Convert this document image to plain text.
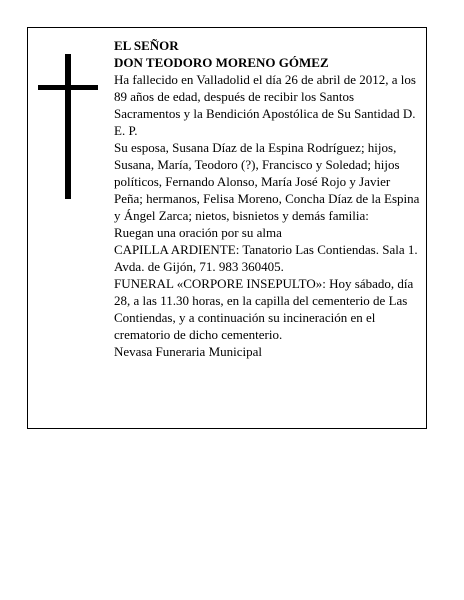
EL SEÑOR

DON TEODORO MORENO GÓMEZ

Ha fallecido en Valladolid el día 26 de abril de 2012, a los 89 años de edad, después de recibir los Santos Sacramentos y la Bendición Apostólica de Su Santidad D. E. P.

Su esposa, Susana Díaz de la Espina Rodríguez; hijos, Susana, María, Teodoro (?), Francisco y Soledad; hijos políticos, Fernando Alonso, María José Rojo y Javier Peña; hermanos, Felisa Moreno, Concha Díaz de la Espina y Ángel Zarca; nietos, bisnietos y demás familia:

Ruegan una oración por su alma

CAPILLA ARDIENTE: Tanatorio Las Contiendas. Sala 1. Avda. de Gijón, 71. 983 360405.

FUNERAL «CORPORE INSEPULTO»: Hoy sábado, día 28, a las 11.30 horas, en la capilla del cementerio de Las Contiendas, y a continuación su incineración en el crematorio de dicho cementerio.

Nevasa Funeraria Municipal
